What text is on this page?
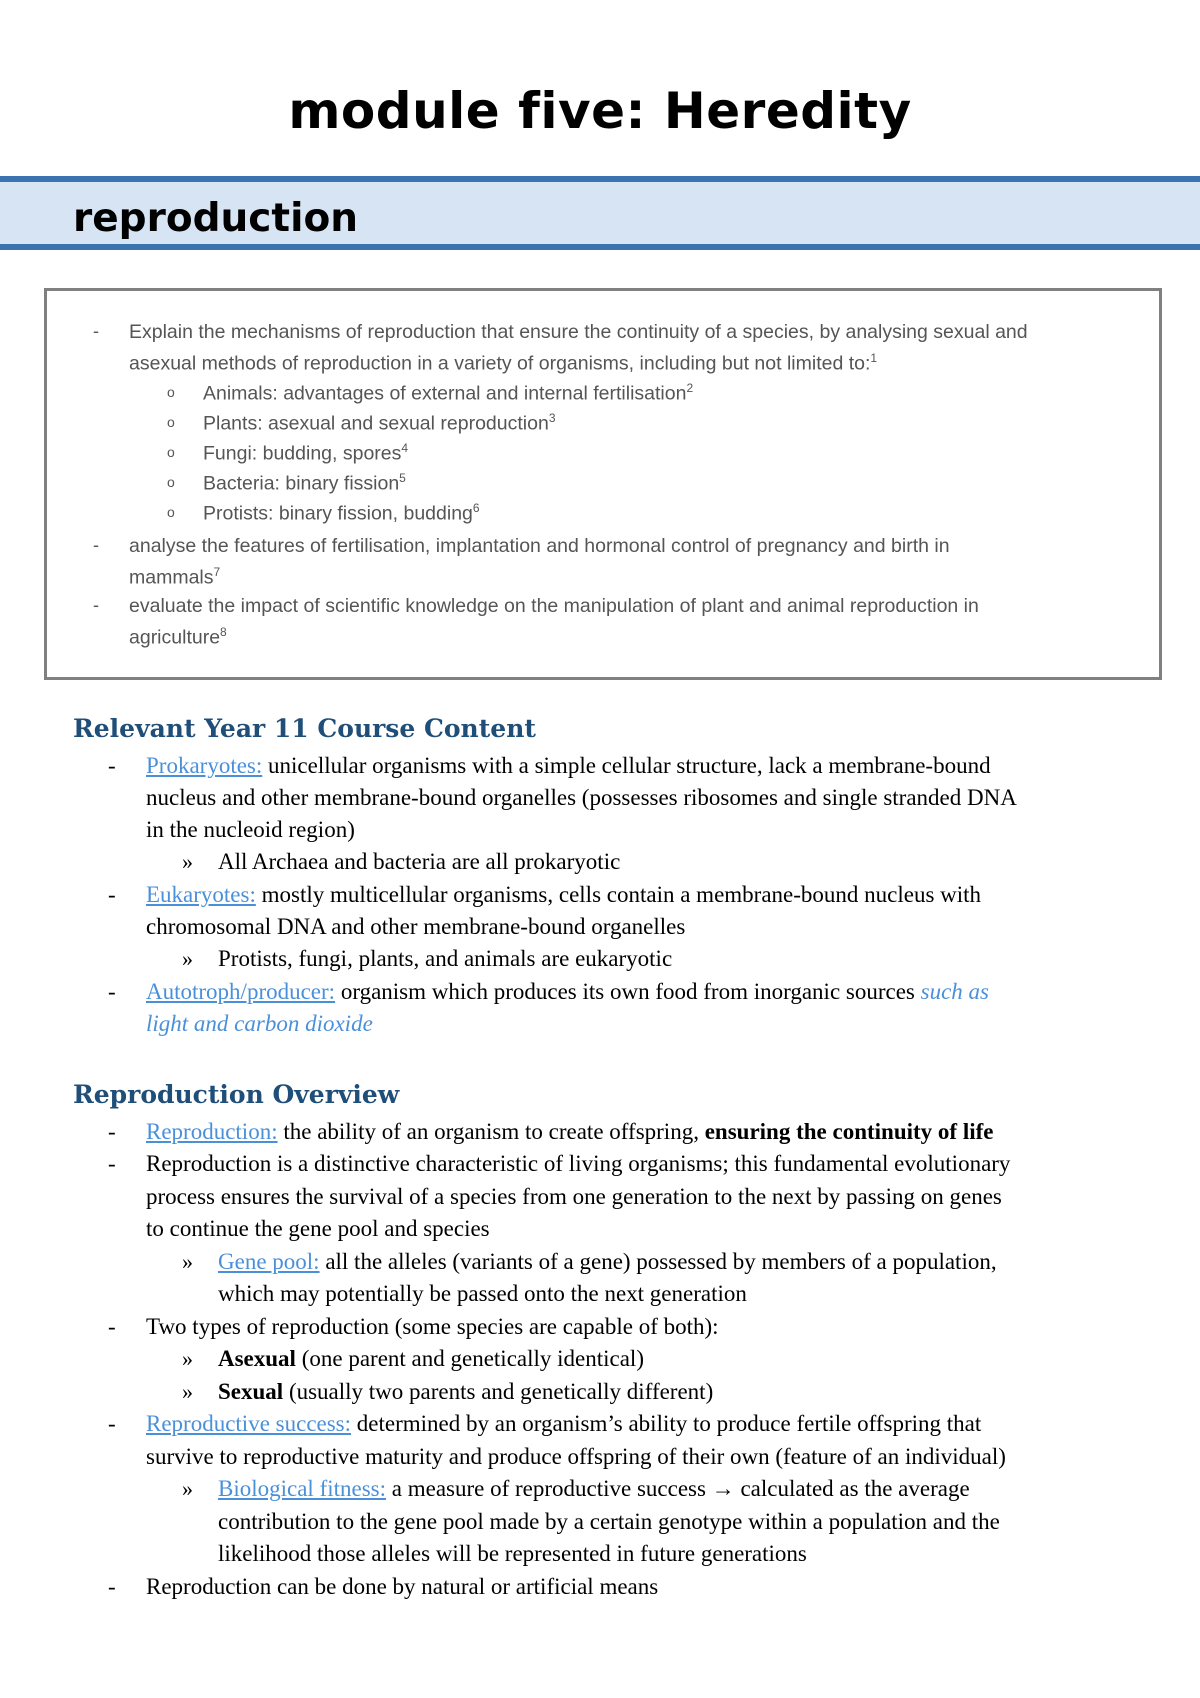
module five: Heredity
reproduction
- Explain the mechanisms of reproduction that ensure the continuity of a species, by analysing sexual and
asexual methods of reproduction in a variety of organisms, including but not limited to:$^1$
o Animals: advantages of external and internal fertilisation$^2$
o Plants: asexual and sexual reproduction$^3$
o Fungi: budding, spores$^4$
o Bacteria: binary fission$^5$
o Protists: binary fission, budding$^6$
- analyse the features of fertilisation, implantation and hormonal control of pregnancy and birth in
mammals$^7$
- evaluate the impact of scientific knowledge on the manipulation of plant and animal reproduction in
agriculture$^8$
Relevant Year 11 Course Content
- Prokaryotes: unicellular organisms with a simple cellular structure, lack a membrane-bound
nucleus and other membrane-bound organelles (possesses ribosomes and single stranded DNA
in the nucleoid region)
» All Archaea and bacteria are all prokaryotic
- Eukaryotes: mostly multicellular organisms, cells contain a membrane-bound nucleus with
chromosomal DNA and other membrane-bound organelles
» Protists, fungi, plants, and animals are eukaryotic
- Autotroph/producer: organism which produces its own food from inorganic sources such as
light and carbon dioxide
Reproduction Overview
- Reproduction: the ability of an organism to create offspring, ensuring the continuity of life
- Reproduction is a distinctive characteristic of living organisms; this fundamental evolutionary
process ensures the survival of a species from one generation to the next by passing on genes
to continue the gene pool and species
» Gene pool: all the alleles (variants of a gene) possessed by members of a population,
which may potentially be passed onto the next generation
- Two types of reproduction (some species are capable of both):
» Asexual (one parent and genetically identical)
» Sexual (usually two parents and genetically different)
- Reproductive success: determined by an organism’s ability to produce fertile offspring that
survive to reproductive maturity and produce offspring of their own (feature of an individual)
» Biological fitness: a measure of reproductive success → calculated as the average
contribution to the gene pool made by a certain genotype within a population and the
likelihood those alleles will be represented in future generations
- Reproduction can be done by natural or artificial means
